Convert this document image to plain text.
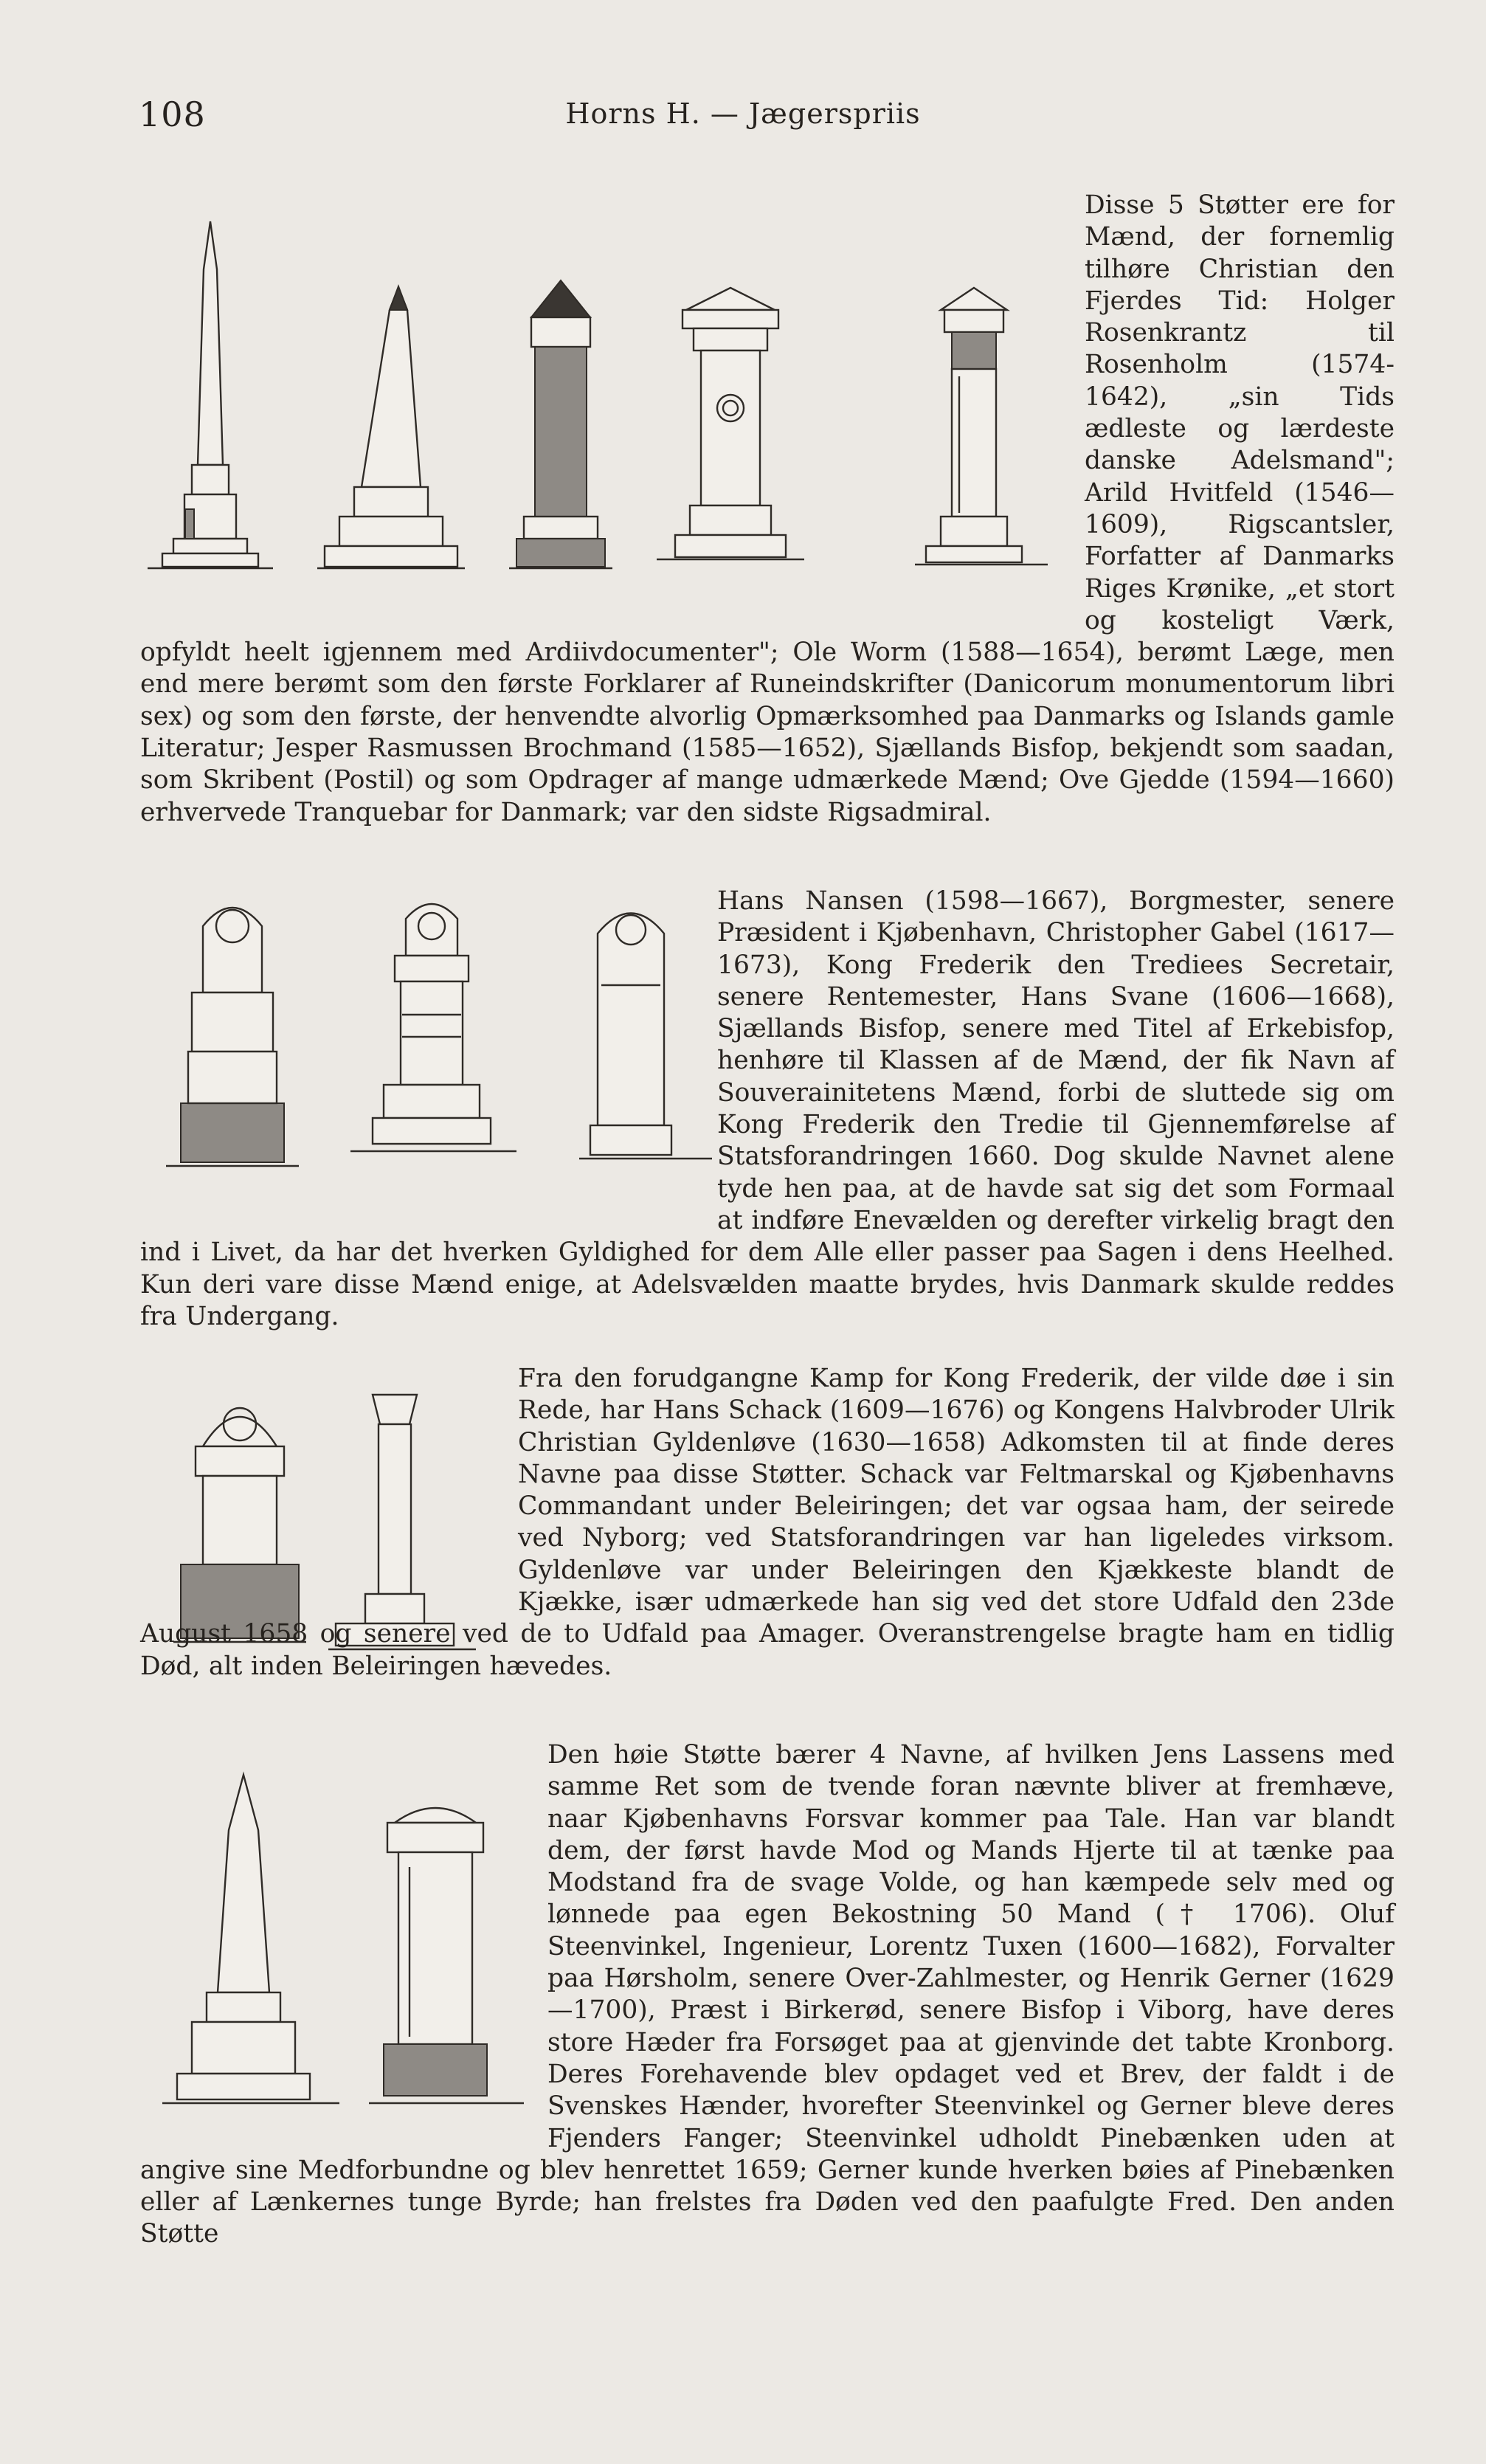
108	Horns H. — Jægerspriis

Disse 5 Støtter ere for Mænd, der fornemlig tilhøre Christian den Fjerdes Tid: Holger Rosenkrantz til Rosenholm (1574-1642), „sin Tids ædleste og lærdeste danske Adelsmand"; Arild Hvitfeld (1546—1609), Rigscantsler, Forfatter af Danmarks Riges Krønike, „et stort og kosteligt Værk, opfyldt heelt igjennem med Ardiivdocumenter"; Ole Worm (1588—1654), berømt Læge, men end mere berømt som den første Forklarer af Runeindskrifter (Danicorum monumentorum libri sex) og som den første, der henvendte alvorlig Opmærksomhed paa Danmarks og Islands gamle Literatur; Jesper Rasmussen Brochmand (1585—1652), Sjællands Bisfop, bekjendt som saadan, som Skribent (Postil) og som Opdrager af mange udmærkede Mænd; Ove Gjedde (1594—1660) erhvervede Tranquebar for Danmark; var den sidste Rigsadmiral.

Hans Nansen (1598—1667), Borgmester, senere Præsident i Kjøbenhavn, Christopher Gabel (1617—1673), Kong Frederik den Trediees Secretair, senere Rentemester, Hans Svane (1606—1668), Sjællands Bisfop, senere med Titel af Erkebisfop, henhøre til Klassen af de Mænd, der fik Navn af Souverainitetens Mænd, forbi de sluttede sig om Kong Frederik den Tredie til Gjennemførelse af Statsforandringen 1660. Dog skulde Navnet alene tyde hen paa, at de havde sat sig det som Formaal at indføre Enevælden og derefter virkelig bragt den ind i Livet, da har det hverken Gyldighed for dem Alle eller passer paa Sagen i dens Heelhed. Kun deri vare disse Mænd enige, at Adelsvælden maatte brydes, hvis Danmark skulde reddes fra Undergang.

Fra den forudgangne Kamp for Kong Frederik, der vilde døe i sin Rede, har Hans Schack (1609—1676) og Kongens Halvbroder Ulrik Christian Gyldenløve (1630—1658) Adkomsten til at finde deres Navne paa disse Støtter. Schack var Feltmarskal og Kjøbenhavns Commandant under Beleiringen; det var ogsaa ham, der seirede ved Nyborg; ved Statsforandringen var han ligeledes virksom. Gyldenløve var under Beleiringen den Kjækkeste blandt de Kjække, især udmærkede han sig ved det store Udfald den 23de August 1658 og senere ved de to Udfald paa Amager. Overanstrengelse bragte ham en tidlig Død, alt inden Beleiringen hævedes.

Den høie Støtte bærer 4 Navne, af hvilken Jens Lassens med samme Ret som de tvende foran nævnte bliver at fremhæve, naar Kjøbenhavns Forsvar kommer paa Tale. Han var blandt dem, der først havde Mod og Mands Hjerte til at tænke paa Modstand fra de svage Volde, og han kæmpede selv med og lønnede paa egen Bekostning 50 Mand († 1706). Oluf Steenvinkel, Ingenieur, Lorentz Tuxen (1600—1682), Forvalter paa Hørsholm, senere Over-Zahlmester, og Henrik Gerner (1629—1700), Præst i Birkerød, senere Bisfop i Viborg, have deres store Hæder fra Forsøget paa at gjenvinde det tabte Kronborg. Deres Forehavende blev opdaget ved et Brev, der faldt i de Svenskes Hænder, hvorefter Steenvinkel og Gerner bleve deres Fjenders Fanger; Steenvinkel udholdt Pinebænken uden at angive sine Medforbundne og blev henrettet 1659; Gerner kunde hverken bøies af Pinebænken eller af Lænkernes tunge Byrde; han frelstes fra Døden ved den paafulgte Fred. Den anden Støtte
